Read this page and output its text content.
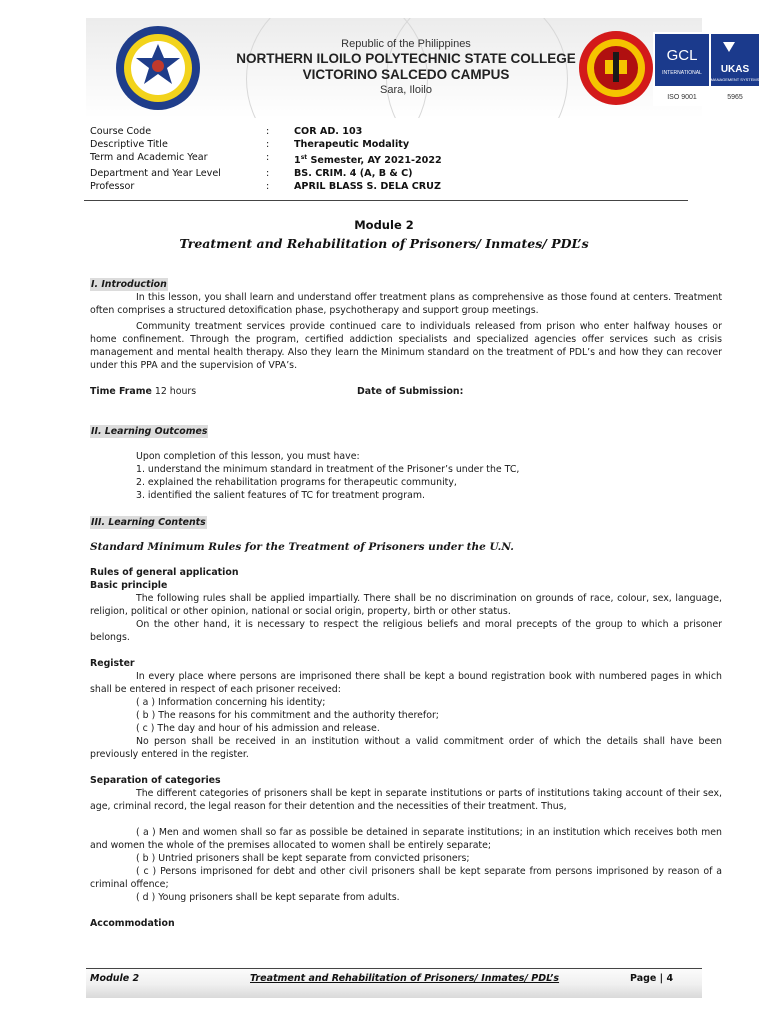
Republic of the Philippines
NORTHERN ILOILO POLYTECHNIC STATE COLLEGE
VICTORINO SALCEDO CAMPUS
Sara, Iloilo
GCL
INTERNATIONAL UKAS
MANAGEMENT SYSTEMS
ISO 9001	5965
Course Code	:	COR AD. 103
Descriptive Title	:	Therapeutic Modality
Term and Academic Year	:	1st Semester, AY 2021-2022
Department and Year Level	:	BS. CRIM. 4 (A, B & C)
Professor	:	APRIL BLASS S. DELA CRUZ
Module 2
Treatment and Rehabilitation of Prisoners/ Inmates/ PDL’s
I. Introduction

In this lesson, you shall learn and understand offer treatment plans as comprehensive as those found at centers. Treatment often comprises a structured detoxification phase, psychotherapy and support group meetings.

Community treatment services provide continued care to individuals released from prison who enter halfway houses or home confinement. Through the program, certified addiction specialists and specialized agencies offer services such as crisis management and mental health therapy. Also they learn the Minimum standard on the treatment of PDL’s and how they can recover under this PPA and the supervision of VPA’s.

Time Frame 12 hours	Date of Submission:
II. Learning Outcomes
Upon completion of this lesson, you must have:
1. understand the minimum standard in treatment of the Prisoner’s under the TC,
2. explained the rehabilitation programs for therapeutic community,
3. identified the salient features of TC for treatment program.
III. Learning Contents
Standard Minimum Rules for the Treatment of Prisoners under the U.N.
Rules of general application
Basic principle

The following rules shall be applied impartially. There shall be no discrimination on grounds of race, colour, sex, language, religion, political or other opinion, national or social origin, property, birth or other status.

On the other hand, it is necessary to respect the religious beliefs and moral precepts of the group to which a prisoner belongs.

Register

In every place where persons are imprisoned there shall be kept a bound registration book with numbered pages in which shall be entered in respect of each prisoner received:

( a ) Information concerning his identity;
( b ) The reasons for his commitment and the authority therefor;
( c ) The day and hour of his admission and release.

No person shall be received in an institution without a valid commitment order of which the details shall have been previously entered in the register.

Separation of categories

The different categories of prisoners shall be kept in separate institutions or parts of institutions taking account of their sex, age, criminal record, the legal reason for their detention and the necessities of their treatment. Thus,

( a ) Men and women shall so far as possible be detained in separate institutions; in an institution which receives both men and women the whole of the premises allocated to women shall be entirely separate;

( b ) Untried prisoners shall be kept separate from convicted prisoners;

( c ) Persons imprisoned for debt and other civil prisoners shall be kept separate from persons imprisoned by reason of a criminal offence;

( d ) Young prisoners shall be kept separate from adults.
Accommodation
Module 2	Treatment and Rehabilitation of Prisoners/ Inmates/ PDL’s	Page | 4
